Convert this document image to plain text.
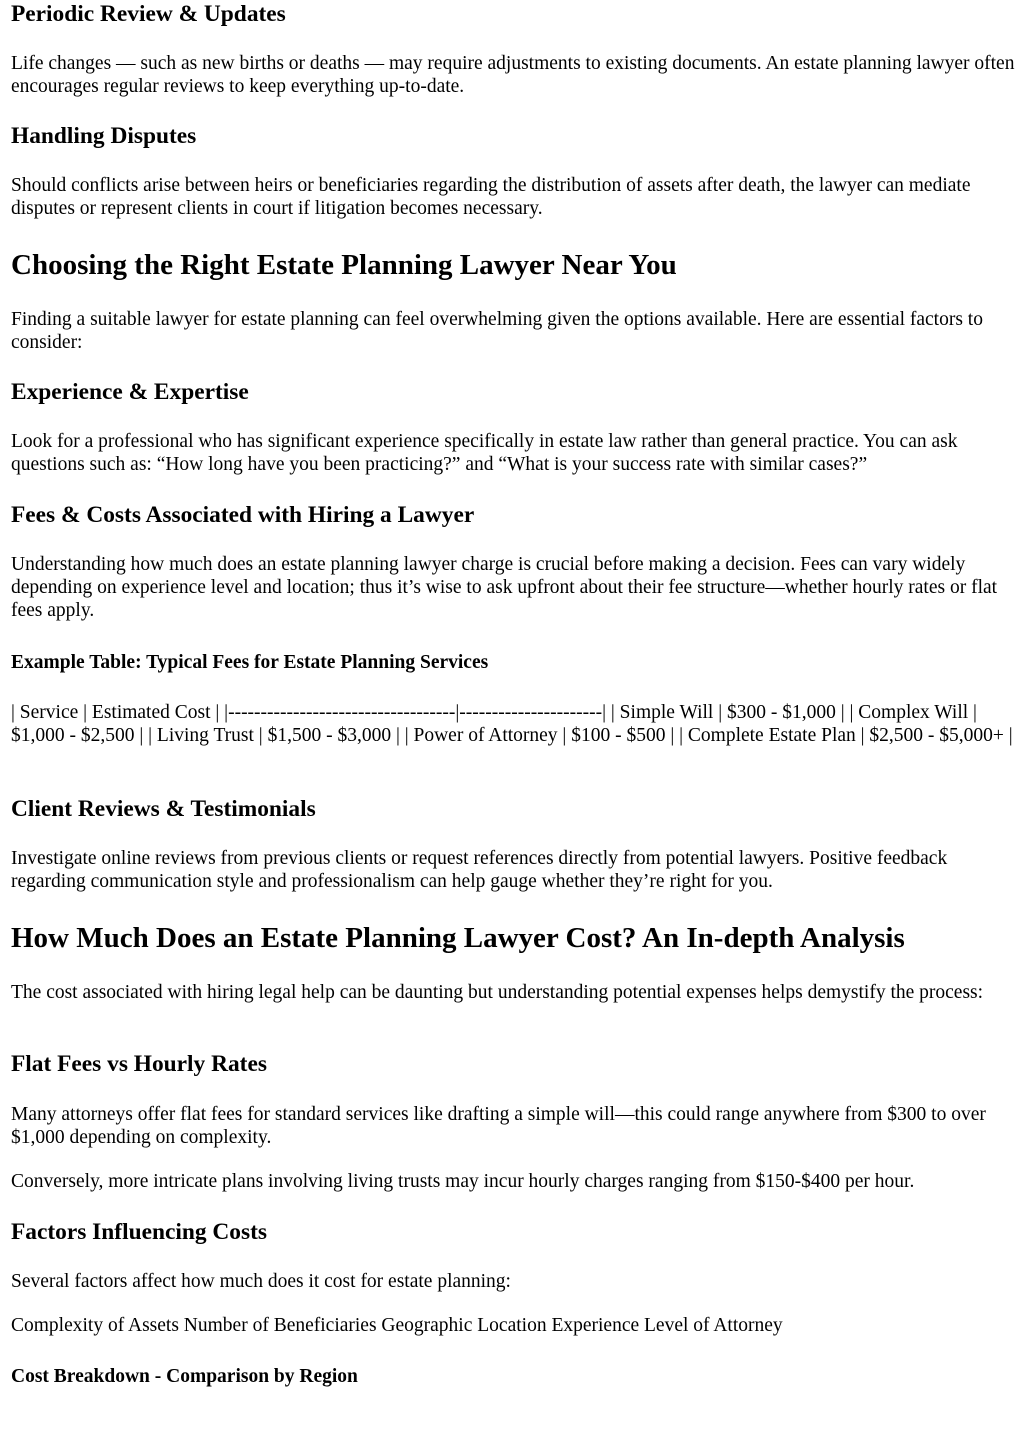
Periodic Review & Updates

Life changes — such as new births or deaths — may require adjustments to existing documents. An estate planning lawyer often encourages regular reviews to keep everything up-to-date.

Handling Disputes

Should conflicts arise between heirs or beneficiaries regarding the distribution of assets after death, the lawyer can mediate disputes or represent clients in court if litigation becomes necessary.

Choosing the Right Estate Planning Lawyer Near You

Finding a suitable lawyer for estate planning can feel overwhelming given the options available. Here are essential factors to consider:

Experience & Expertise

Look for a professional who has significant experience specifically in estate law rather than general practice. You can ask questions such as: “How long have you been practicing?” and “What is your success rate with similar cases?”

Fees & Costs Associated with Hiring a Lawyer

Understanding how much does an estate planning lawyer charge is crucial before making a decision. Fees can vary widely depending on experience level and location; thus it’s wise to ask upfront about their fee structure—whether hourly rates or flat fees apply.

Example Table: Typical Fees for Estate Planning Services

| Service | Estimated Cost | |-----------------------------------|----------------------| | Simple Will | $300 - $1,000 | | Complex Will | $1,000 - $2,500 | | Living Trust | $1,500 - $3,000 | | Power of Attorney | $100 - $500 | | Complete Estate Plan | $2,500 - $5,000+ |

Client Reviews & Testimonials

Investigate online reviews from previous clients or request references directly from potential lawyers. Positive feedback regarding communication style and professionalism can help gauge whether they’re right for you.

How Much Does an Estate Planning Lawyer Cost? An In-depth Analysis

The cost associated with hiring legal help can be daunting but understanding potential expenses helps demystify the process:

Flat Fees vs Hourly Rates

Many attorneys offer flat fees for standard services like drafting a simple will—this could range anywhere from $300 to over $1,000 depending on complexity.

Conversely, more intricate plans involving living trusts may incur hourly charges ranging from $150-$400 per hour.

Factors Influencing Costs

Several factors affect how much does it cost for estate planning:

Complexity of Assets Number of Beneficiaries Geographic Location Experience Level of Attorney

Cost Breakdown - Comparison by Region
